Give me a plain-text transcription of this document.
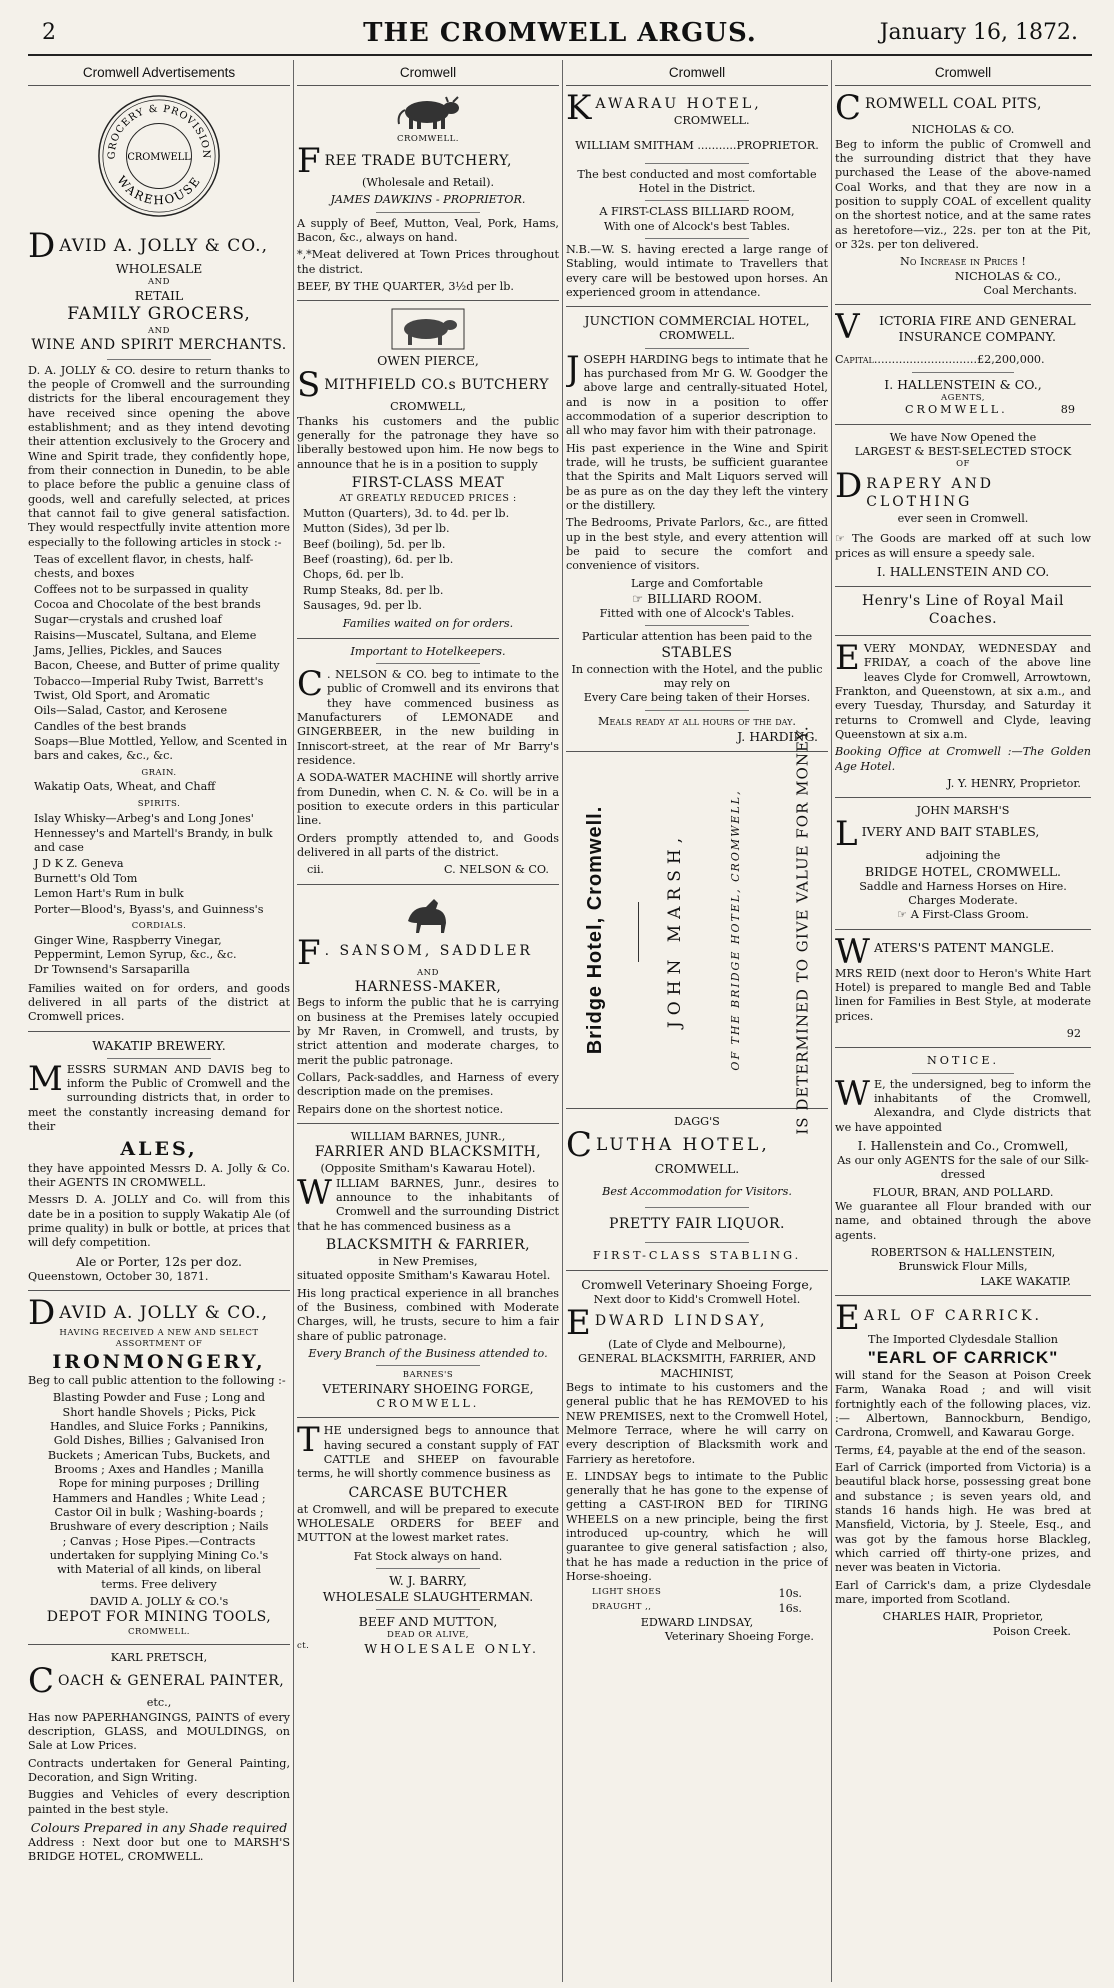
2	THE CROMWELL ARGUS.	January 16, 1872.
Cromwell Advertisements
GROCERY & PROVISION
CROMWELL
WAREHOUSE
D AVID A. JOLLY & CO.,
WHOLESALE
AND
RETAIL
FAMILY GROCERS,
AND
WINE AND SPIRIT MERCHANTS.

D. A. JOLLY & CO. desire to return thanks to the people of Cromwell and the surrounding districts for the liberal encouragement they have received since opening the above establishment; and as they intend devoting their attention exclusively to the Grocery and Wine and Spirit trade, they confidently hope, from their connection in Dunedin, to be able to place before the public a genuine class of goods, well and carefully selected, at prices that cannot fail to give general satisfaction. They would respectfully invite attention more especially to the following articles in stock :-

Teas of excellent flavor, in chests, half-chests, and boxes
Coffees not to be surpassed in quality
Cocoa and Chocolate of the best brands
Sugar—crystals and crushed loaf
Raisins—Muscatel, Sultana, and Eleme
Jams, Jellies, Pickles, and Sauces
Bacon, Cheese, and Butter of prime quality
Tobacco—Imperial Ruby Twist, Barrett's Twist, Old Sport, and Aromatic
Oils—Salad, Castor, and Kerosene
Candles of the best brands
Soaps—Blue Mottled, Yellow, and Scented in bars and cakes, &c., &c.
GRAIN.
Wakatip Oats, Wheat, and Chaff
SPIRITS.
Islay Whisky—Arbeg's and Long Jones'
Hennessey's and Martell's Brandy, in bulk and case
J D K Z. Geneva
Burnett's Old Tom
Lemon Hart's Rum in bulk
Porter—Blood's, Byass's, and Guinness's
CORDIALS.
Ginger Wine, Raspberry Vinegar, Peppermint, Lemon Syrup, &c., &c.
Dr Townsend's Sarsaparilla

Families waited on for orders, and goods delivered in all parts of the district at Cromwell prices.

WAKATIP BREWERY.

MESSRS SURMAN AND DAVIS beg to inform the Public of Cromwell and the surrounding districts that, in order to meet the constantly increasing demand for their

ALES,

they have appointed Messrs D. A. Jolly & Co. their AGENTS IN CROMWELL.

Messrs D. A. JOLLY and Co. will from this date be in a position to supply Wakatip Ale (of prime quality) in bulk or bottle, at prices that will defy competition.

Ale or Porter, 12s per doz.

Queenstown, October 30, 1871.

D AVID A. JOLLY & CO.,
HAVING RECEIVED A NEW AND SELECT ASSORTMENT OF
IRONMONGERY,

Beg to call public attention to the following :-

Blasting Powder and Fuse ; Long and Short handle Shovels ; Picks, Pick Handles, and Sluice Forks ; Pannikins, Gold Dishes, Billies ; Galvanised Iron Buckets ; American Tubs, Buckets, and Brooms ; Axes and Handles ; Manilla Rope for mining purposes ; Drilling Hammers and Handles ; White Lead ; Castor Oil in bulk ; Washing-boards ; Brushware of every description ; Nails ; Canvas ; Hose Pipes.—Contracts undertaken for supplying Mining Co.'s with Material of all kinds, on liberal terms. Free delivery

DAVID A. JOLLY & CO.'s
DEPOT FOR MINING TOOLS,
CROMWELL.
KARL PRETSCH,
C OACH & GENERAL PAINTER,
etc.,

Has now PAPERHANGINGS, PAINTS of every description, GLASS, and MOULDINGS, on Sale at Low Prices.

Contracts undertaken for General Painting, Decoration, and Sign Writing.

Buggies and Vehicles of every description painted in the best style.

Colours Prepared in any Shade required

Address : Next door but one to MARSH'S BRIDGE HOTEL, CROMWELL.

Cromwell
CROMWELL.
F REE TRADE BUTCHERY,
(Wholesale and Retail).
JAMES DAWKINS - PROPRIETOR.

A supply of Beef, Mutton, Veal, Pork, Hams, Bacon, &c., always on hand.

*,*Meat delivered at Town Prices throughout the district.

BEEF, BY THE QUARTER, 3½d per lb.

OWEN PIERCE,
S MITHFIELD CO.s BUTCHERY
CROMWELL,

Thanks his customers and the public generally for the patronage they have so liberally bestowed upon him. He now begs to announce that he is in a position to supply

FIRST-CLASS MEAT
AT GREATLY REDUCED PRICES :
Mutton (Quarters), 3d. to 4d. per lb.
Mutton (Sides), 3d per lb.
Beef (boiling), 5d. per lb.
Beef (roasting), 6d. per lb.
Chops, 6d. per lb.
Rump Steaks, 8d. per lb.
Sausages, 9d. per lb.
Families waited on for orders.
Important to Hotelkeepers.

C . NELSON & CO. beg to intimate to the public of Cromwell and its environs that they have commenced business as Manufacturers of LEMONADE and GINGERBEER, in the new building in Inniscort-street, at the rear of Mr Barry's residence.

A SODA-WATER MACHINE will shortly arrive from Dunedin, when C. N. & Co. will be in a position to execute orders in this particular line.

Orders promptly attended to, and Goods delivered in all parts of the district.

cii.	C. NELSON & CO.
F . SANSOM, SADDLER
AND
HARNESS-MAKER,

Begs to inform the public that he is carrying on business at the Premises lately occupied by Mr Raven, in Cromwell, and trusts, by strict attention and moderate charges, to merit the public patronage.

Collars, Pack-saddles, and Harness of every description made on the premises.

Repairs done on the shortest notice.

WILLIAM BARNES, JUNR.,
FARRIER AND BLACKSMITH,
(Opposite Smitham's Kawarau Hotel).

WILLIAM BARNES, Junr., desires to announce to the inhabitants of Cromwell and the surrounding District that he has commenced business as a

BLACKSMITH & FARRIER,
in New Premises,

situated opposite Smitham's Kawarau Hotel.

His long practical experience in all branches of the Business, combined with Moderate Charges, will, he trusts, secure to him a fair share of public patronage.

Every Branch of the Business attended to.
BARNES'S
VETERINARY SHOEING FORGE,
CROMWELL.

THE undersigned begs to announce that having secured a constant supply of FAT CATTLE and SHEEP on favourable terms, he will shortly commence business as

CARCASE BUTCHER

at Cromwell, and will be prepared to execute WHOLESALE ORDERS for BEEF and MUTTON at the lowest market rates.

Fat Stock always on hand.
W. J. BARRY,
WHOLESALE SLAUGHTERMAN.
BEEF AND MUTTON,
DEAD OR ALIVE,
ct.	WHOLESALE ONLY.
Cromwell
K AWARAU HOTEL,
CROMWELL.
WILLIAM SMITHAM ...........PROPRIETOR.

The best conducted and most comfortable Hotel in the District.

A FIRST-CLASS BILLIARD ROOM,
With one of Alcock's best Tables.

N.B.—W. S. having erected a large range of Stabling, would intimate to Travellers that every care will be bestowed upon horses. An experienced groom in attendance.

JUNCTION COMMERCIAL HOTEL,
CROMWELL.

JOSEPH HARDING begs to intimate that he has purchased from Mr G. W. Goodger the above large and centrally-situated Hotel, and is now in a position to offer accommodation of a superior description to all who may favor him with their patronage.

His past experience in the Wine and Spirit trade, will he trusts, be sufficient guarantee that the Spirits and Malt Liquors served will be as pure as on the day they left the vintery or the distillery.

The Bedrooms, Private Parlors, &c., are fitted up in the best style, and every attention will be paid to secure the comfort and convenience of visitors.

Large and Comfortable
☞ BILLIARD ROOM.
Fitted with one of Alcock's Tables.
Particular attention has been paid to the
STABLES
In connection with the Hotel, and the public may rely on
Every Care being taken of their Horses.
Meals ready at all hours of the day.
J. HARDING.
Bridge Hotel, Cromwell.	JOHN MARSH,	OF THE BRIDGE HOTEL, CROMWELL,	IS DETERMINED TO GIVE VALUE FOR MONEY.
DAGG'S
C LUTHA HOTEL,
CROMWELL.
Best Accommodation for Visitors.
PRETTY FAIR LIQUOR.
FIRST-CLASS STABLING.
Cromwell Veterinary Shoeing Forge,
Next door to Kidd's Cromwell Hotel.
E DWARD LINDSAY,
(Late of Clyde and Melbourne),
GENERAL BLACKSMITH, FARRIER, AND MACHINIST,

Begs to intimate to his customers and the general public that he has REMOVED to his NEW PREMISES, next to the Cromwell Hotel, Melmore Terrace, where he will carry on every description of Blacksmith work and Farriery as heretofore.

E. LINDSAY begs to intimate to the Public generally that he has gone to the expense of getting a CAST-IRON BED for TIRING WHEELS on a new principle, being the first introduced up-country, which he will guarantee to give general satisfaction ; also, that he has made a reduction in the price of Horse-shoeing.

LIGHT SHOES	10s.
DRAUGHT ,,	16s.
EDWARD LINDSAY,
Veterinary Shoeing Forge.
Cromwell
C ROMWELL COAL PITS,
NICHOLAS & CO.

Beg to inform the public of Cromwell and the surrounding district that they have purchased the Lease of the above-named Coal Works, and that they are now in a position to supply COAL of excellent quality on the shortest notice, and at the same rates as heretofore—viz., 22s. per ton at the Pit, or 32s. per ton delivered.

No Increase in Prices !
NICHOLAS & CO.,
Coal Merchants.
V	ICTORIA FIRE AND GENERAL INSURANCE COMPANY.

Capital.............................£2,200,000.

I. HALLENSTEIN & CO.,
AGENTS,
CROMWELL.	89
We have Now Opened the
LARGEST & BEST-SELECTED STOCK
OF
D RAPERY AND CLOTHING
ever seen in Cromwell.

☞ The Goods are marked off at such low prices as will ensure a speedy sale.

I. HALLENSTEIN AND CO.
Henry's Line of Royal Mail Coaches.

EVERY MONDAY, WEDNESDAY and FRIDAY, a coach of the above line leaves Clyde for Cromwell, Arrowtown, Frankton, and Queenstown, at six a.m., and every Tuesday, Thursday, and Saturday it returns to Cromwell and Clyde, leaving Queenstown at six a.m.

Booking Office at Cromwell :—The Golden Age Hotel.

J. Y. HENRY, Proprietor.
JOHN MARSH'S
L IVERY AND BAIT STABLES,
adjoining the
BRIDGE HOTEL, CROMWELL.
Saddle and Harness Horses on Hire.
Charges Moderate.
☞ A First-Class Groom.
W ATERS'S PATENT MANGLE.

MRS REID (next door to Heron's White Hart Hotel) is prepared to mangle Bed and Table linen for Families in Best Style, at moderate prices.

92
NOTICE.

W E, the undersigned, beg to inform the inhabitants of the Cromwell, Alexandra, and Clyde districts that we have appointed

I. Hallenstein and Co., Cromwell,

As our only AGENTS for the sale of our Silk-dressed

FLOUR, BRAN, AND POLLARD.

We guarantee all Flour branded with our name, and obtained through the above agents.

ROBERTSON & HALLENSTEIN,
Brunswick Flour Mills,
LAKE WAKATIP.
E ARL OF CARRICK.
The Imported Clydesdale Stallion
"EARL OF CARRICK"

will stand for the Season at Poison Creek Farm, Wanaka Road ; and will visit fortnightly each of the following places, viz. :— Albertown, Bannockburn, Bendigo, Cardrona, Cromwell, and Kawarau Gorge.

Terms, £4, payable at the end of the season.

Earl of Carrick (imported from Victoria) is a beautiful black horse, possessing great bone and substance ; is seven years old, and stands 16 hands high. He was bred at Mansfield, Victoria, by J. Steele, Esq., and was got by the famous horse Blackleg, which carried off thirty-one prizes, and never was beaten in Victoria.

Earl of Carrick's dam, a prize Clydesdale mare, imported from Scotland.

CHARLES HAIR, Proprietor,
Poison Creek.
